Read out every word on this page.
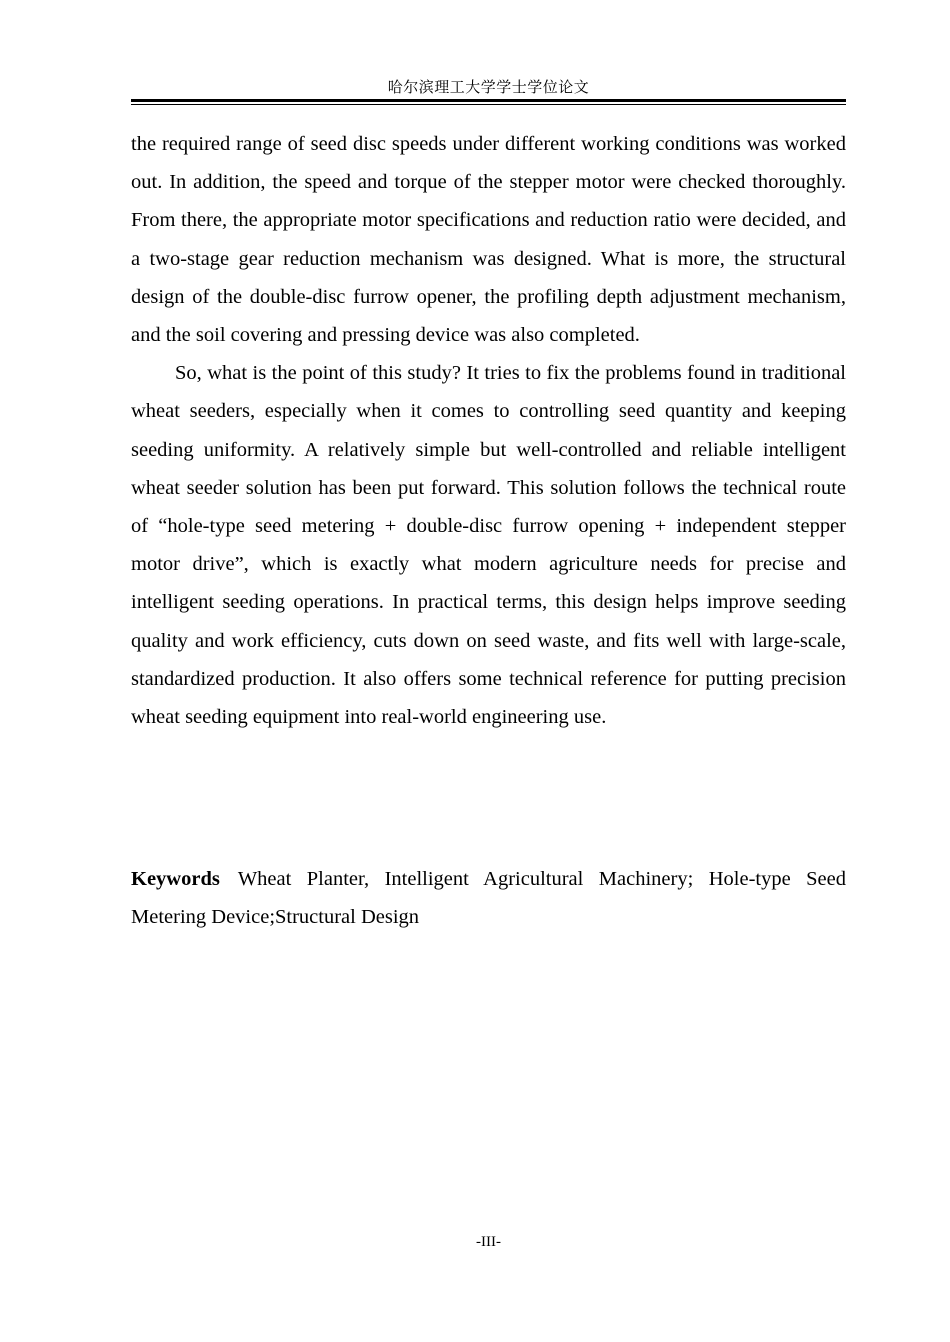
哈尔滨理工大学学士学位论文

the required range of seed disc speeds under different working conditions was worked out. In addition, the speed and torque of the stepper motor were checked thoroughly. From there, the appropriate motor specifications and reduction ratio were decided, and a two-stage gear reduction mechanism was designed. What is more, the structural design of the double-disc furrow opener, the profiling depth adjustment mechanism, and the soil covering and pressing device was also completed.

So, what is the point of this study? It tries to fix the problems found in traditional wheat seeders, especially when it comes to controlling seed quantity and keeping seeding uniformity. A relatively simple but well-controlled and reliable intelligent wheat seeder solution has been put forward. This solution follows the technical route of “hole-type seed metering + double-disc furrow opening + independent stepper motor drive”, which is exactly what modern agriculture needs for precise and intelligent seeding operations. In practical terms, this design helps improve seeding quality and work efficiency, cuts down on seed waste, and fits well with large-scale, standardized production. It also offers some technical reference for putting precision wheat seeding equipment into real-world engineering use.

Keywords Wheat Planter, Intelligent Agricultural Machinery; Hole-type Seed Metering Device;Structural Design

-III-
